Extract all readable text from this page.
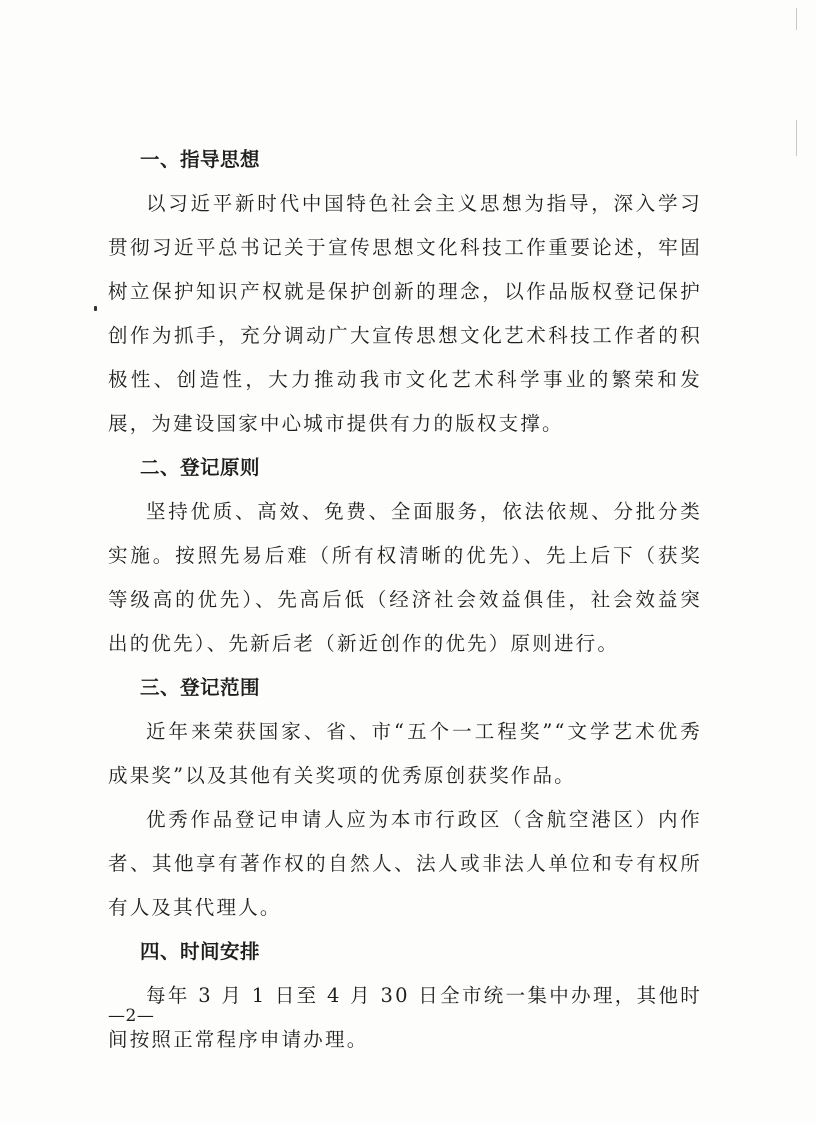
一、指导思想

以习近平新时代中国特色社会主义思想为指导，深入学习贯彻习近平总书记关于宣传思想文化科技工作重要论述，牢固树立保护知识产权就是保护创新的理念，以作品版权登记保护创作为抓手，充分调动广大宣传思想文化艺术科技工作者的积极性、创造性，大力推动我市文化艺术科学事业的繁荣和发展，为建设国家中心城市提供有力的版权支撑。

二、登记原则

坚持优质、高效、免费、全面服务，依法依规、分批分类实施。按照先易后难（所有权清晰的优先）、先上后下（获奖等级高的优先）、先高后低（经济社会效益俱佳，社会效益突出的优先）、先新后老（新近创作的优先）原则进行。

三、登记范围

近年来荣获国家、省、市“五个一工程奖”“文学艺术优秀成果奖”以及其他有关奖项的优秀原创获奖作品。

优秀作品登记申请人应为本市行政区（含航空港区）内作者、其他享有著作权的自然人、法人或非法人单位和专有权所有人及其代理人。

四、时间安排

每年 3 月 1 日至 4 月 30 日全市统一集中办理，其他时间按照正常程序申请办理。

—2—
